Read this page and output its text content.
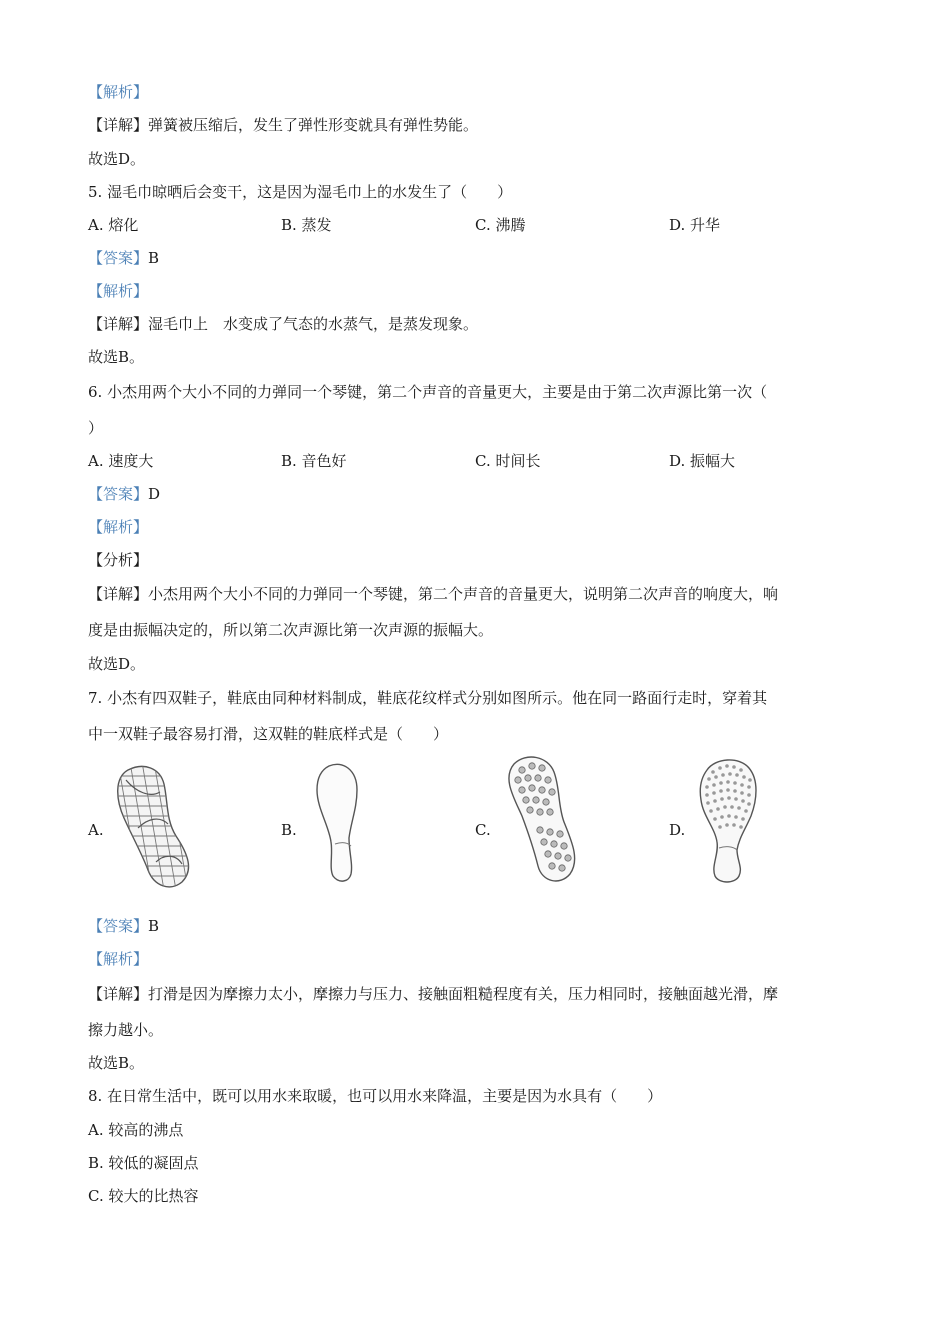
【解析】
【详解】弹簧被压缩后，发生了弹性形变就具有弹性势能。
故选D。
5. 湿毛巾晾晒后会变干，这是因为湿毛巾上的水发生了（　　）
A. 熔化	B. 蒸发	C. 沸腾	D. 升华
【答案】B
【解析】
【详解】湿毛巾上　水变成了气态的水蒸气，是蒸发现象。
故选B。
6. 小杰用两个大小不同的力弹同一个琴键，第二个声音的音量更大，主要是由于第二次声源比第一次（
）
A. 速度大	B. 音色好	C. 时间长	D. 振幅大
【答案】D
【解析】
【分析】
【详解】小杰用两个大小不同的力弹同一个琴键，第二个声音的音量更大，说明第二次声音的响度大，响
度是由振幅决定的，所以第二次声源比第一次声源的振幅大。
故选D。
7. 小杰有四双鞋子，鞋底由同种材料制成，鞋底花纹样式分别如图所示。他在同一路面行走时，穿着其
中一双鞋子最容易打滑，这双鞋的鞋底样式是（　　）
A.	B.	C.	D.
【答案】B
【解析】
【详解】打滑是因为摩擦力太小，摩擦力与压力、接触面粗糙程度有关，压力相同时，接触面越光滑，摩
擦力越小。
故选B。
8. 在日常生活中，既可以用水来取暖，也可以用水来降温，主要是因为水具有（　　）
A. 较高的沸点
B. 较低的凝固点
C. 较大的比热容
